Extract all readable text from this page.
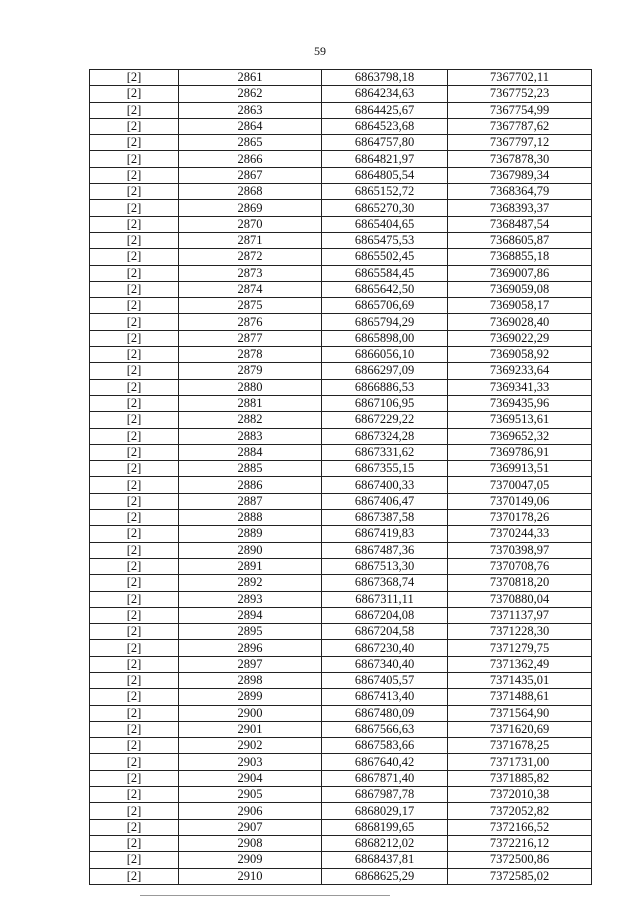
59
[2]	2861	6863798,18	7367702,11
[2]	2862	6864234,63	7367752,23
[2]	2863	6864425,67	7367754,99
[2]	2864	6864523,68	7367787,62
[2]	2865	6864757,80	7367797,12
[2]	2866	6864821,97	7367878,30
[2]	2867	6864805,54	7367989,34
[2]	2868	6865152,72	7368364,79
[2]	2869	6865270,30	7368393,37
[2]	2870	6865404,65	7368487,54
[2]	2871	6865475,53	7368605,87
[2]	2872	6865502,45	7368855,18
[2]	2873	6865584,45	7369007,86
[2]	2874	6865642,50	7369059,08
[2]	2875	6865706,69	7369058,17
[2]	2876	6865794,29	7369028,40
[2]	2877	6865898,00	7369022,29
[2]	2878	6866056,10	7369058,92
[2]	2879	6866297,09	7369233,64
[2]	2880	6866886,53	7369341,33
[2]	2881	6867106,95	7369435,96
[2]	2882	6867229,22	7369513,61
[2]	2883	6867324,28	7369652,32
[2]	2884	6867331,62	7369786,91
[2]	2885	6867355,15	7369913,51
[2]	2886	6867400,33	7370047,05
[2]	2887	6867406,47	7370149,06
[2]	2888	6867387,58	7370178,26
[2]	2889	6867419,83	7370244,33
[2]	2890	6867487,36	7370398,97
[2]	2891	6867513,30	7370708,76
[2]	2892	6867368,74	7370818,20
[2]	2893	6867311,11	7370880,04
[2]	2894	6867204,08	7371137,97
[2]	2895	6867204,58	7371228,30
[2]	2896	6867230,40	7371279,75
[2]	2897	6867340,40	7371362,49
[2]	2898	6867405,57	7371435,01
[2]	2899	6867413,40	7371488,61
[2]	2900	6867480,09	7371564,90
[2]	2901	6867566,63	7371620,69
[2]	2902	6867583,66	7371678,25
[2]	2903	6867640,42	7371731,00
[2]	2904	6867871,40	7371885,82
[2]	2905	6867987,78	7372010,38
[2]	2906	6868029,17	7372052,82
[2]	2907	6868199,65	7372166,52
[2]	2908	6868212,02	7372216,12
[2]	2909	6868437,81	7372500,86
[2]	2910	6868625,29	7372585,02
